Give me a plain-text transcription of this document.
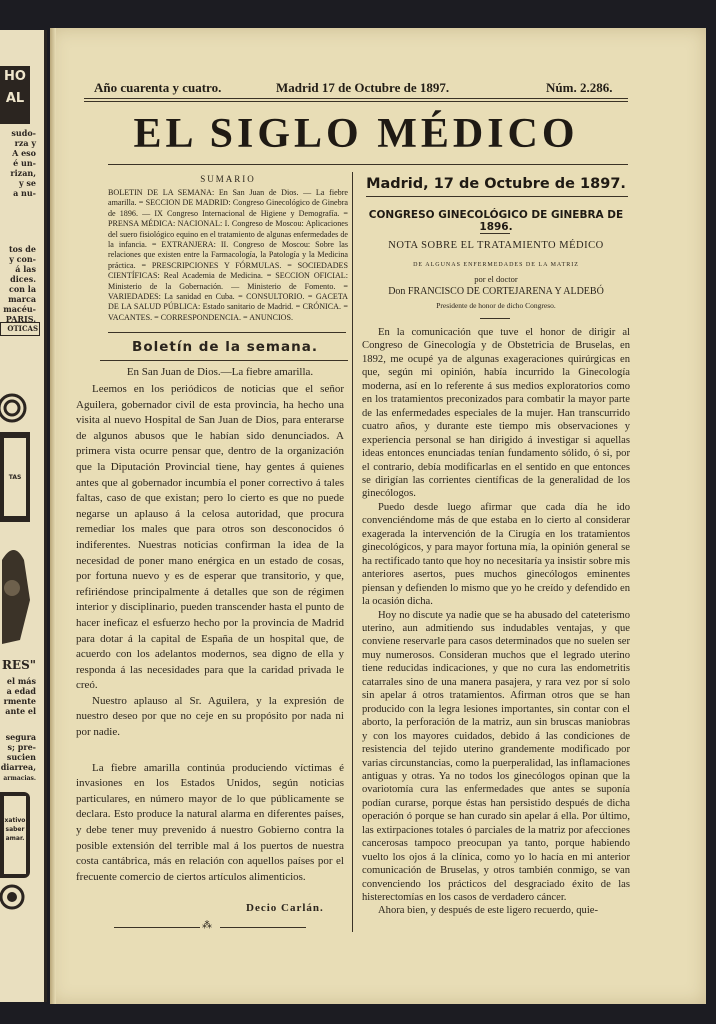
HO
AL
sudo-
rza y
A eso
é un-
rizan,
y se
a nu-
tos de
y con-
á las
dices.
con la
marca
macéu-
PARIS.
OTICAS
TAS
RES"
el más
a edad
rmente
ante el
segura
s; pre-
sucien
diarrea,
armacias.
xativo
saber
amar.
Año cuarenta y cuatro.	Madrid 17 de Octubre de 1897.	Núm. 2.286.
EL SIGLO MÉDICO
SUMARIO
BOLETIN DE LA SEMANA: En San Juan de Dios. — La fiebre amarilla. = SECCION DE MADRID: Congreso Ginecológico de Ginebra de 1896. — IX Congreso Internacional de Higiene y Demografía. = PRENSA MÉDICA: NACIONAL: I. Congreso de Moscou: Aplicaciones del suero fisiológico equino en el tratamiento de algunas enfermedades de la infancia. = EXTRANJERA: II. Congreso de Moscou: Sobre las relaciones que existen entre la Farmacología, la Patología y la Medicina práctica. = PRESCRIPCIONES Y FÓRMULAS. = SOCIEDADES CIENTÍFICAS: Real Academia de Medicina. = SECCION OFICIAL: Ministerio de la Gobernación. — Ministerio de Fomento. = VARIEDADES: La sanidad en Cuba. = CONSULTORIO. = GACETA DE LA SALUD PÚBLICA: Estado sanitario de Madrid. = CRÓNICA. = VACANTES. = CORRESPONDENCIA. = ANUNCIOS.
Boletín de la semana.
En San Juan de Dios.—La fiebre amarilla.

Leemos en los periódicos de noticias que el señor Aguilera, gobernador civil de esta provincia, ha hecho una visita al nuevo Hospital de San Juan de Dios, para enterarse de algunos abusos que le habían sido denunciados. A primera vista ocurre pensar que, dentro de la organización que la Diputación Provincial tiene, hay gentes á quienes antes que al gobernador incumbía el poner correctivo á tales faltas, caso de que existan; pero lo cierto es que no puede negarse un aplauso á la celosa autoridad, que procura remediar los males que para otros son desconocidos ó indiferentes. Nuestras noticias confirman la idea de la necesidad de poner mano enérgica en un estado de cosas, por fortuna nuevo y es de esperar que transitorio, y que, refiriéndose principalmente á detalles que son de régimen interior y disciplinario, pueden transcender hasta el punto de hacer ineficaz el esfuerzo hecho por la provincia de Madrid para dotar á la capital de España de un hospital que, de acuerdo con los adelantos modernos, sea digno de ella y responda á las necesidades para que la caridad privada le creó.

Nuestro aplauso al Sr. Aguilera, y la expresión de nuestro deseo por que no ceje en su propósito por nada ni por nadie.

La fiebre amarilla continúa produciendo víctimas é invasiones en los Estados Unidos, según noticias particulares, en número mayor de lo que públicamente se declara. Esto produce la natural alarma en diferentes países, y debe tener muy prevenido á nuestro Gobierno contra la posible extensión del terrible mal á los puertos de nuestra costa cantábrica, más en relación con aquellos países por el frecuente comercio de ciertos artículos alimenticios.

Decio Carlán.
⁂
Madrid, 17 de Octubre de 1897.
CONGRESO GINECOLÓGICO DE GINEBRA DE 1896.
NOTA SOBRE EL TRATAMIENTO MÉDICO
DE ALGUNAS ENFERMEDADES DE LA MATRIZ
por el doctor
Don FRANCISCO DE CORTEJARENA Y ALDEBÓ
Presidente de honor de dicho Congreso.

En la comunicación que tuve el honor de dirigir al Congreso de Ginecología y de Obstetricia de Bruselas, en 1892, me ocupé ya de algunas exageraciones quirúrgicas en que, según mi opinión, había incurrido la Ginecología moderna, así en lo referente á sus medios exploratorios como en los tratamientos preconizados para combatir la mayor parte de las enfermedades especiales de la mujer. Han transcurrido cuatro años, y durante este tiempo mis observaciones y experiencia personal se han dirigido á investigar si aquellas ideas entonces enunciadas tenían fundamento sólido, ó si, por el contrario, debía modificarlas en el sentido en que entonces se dirigían las corrientes científicas de la generalidad de los ginecólogos.

Puedo desde luego afirmar que cada día he ido convenciéndome más de que estaba en lo cierto al considerar exagerada la intervención de la Cirugía en los tratamientos ginecológicos, y para mayor fortuna mía, la opinión general se ha rectificado tanto que hoy no necesitaría ya insistir sobre mis anteriores asertos, pues muchos ginecólogos eminentes piensan y defienden lo mismo que yo he creído y defendido en la ocasión dicha.

Hoy no discute ya nadie que se ha abusado del cateterismo uterino, aun admitiendo sus indudables ventajas, y que conviene reservarle para casos determinados que no suelen ser muy numerosos. Consideran muchos que el legrado uterino tiene reducidas indicaciones, y que no cura las endometritis catarrales sino de una manera pasajera, y rara vez por sí solo sin apelar á otros tratamientos. Afirman otros que se han producido con la legra lesiones importantes, sin contar con el aborto, la perforación de la matriz, aun sin bruscas maniobras y con los mayores cuidados, debido á las condiciones de resistencia del tejido uterino grandemente modificado por varias circunstancias, como la puerperalidad, las inflamaciones antiguas y otras. Ya no todos los ginecólogos opinan que la ovariotomía cura las enfermedades que antes se suponía podían curarse, porque éstas han persistido después de dicha operación ó porque se han curado sin apelar á ella. Por último, las extirpaciones totales ó parciales de la matriz por afecciones cancerosas tampoco preocupan ya tanto, porque habiendo vuelto los ojos á la clínica, como yo lo hacía en mi anterior comunicación de Bruselas, y otros también conmigo, se van convenciendo los prácticos del desgraciado éxito de las histerectomías en los casos de verdadero cáncer.

Ahora bien, y después de este ligero recuerdo, quie-
